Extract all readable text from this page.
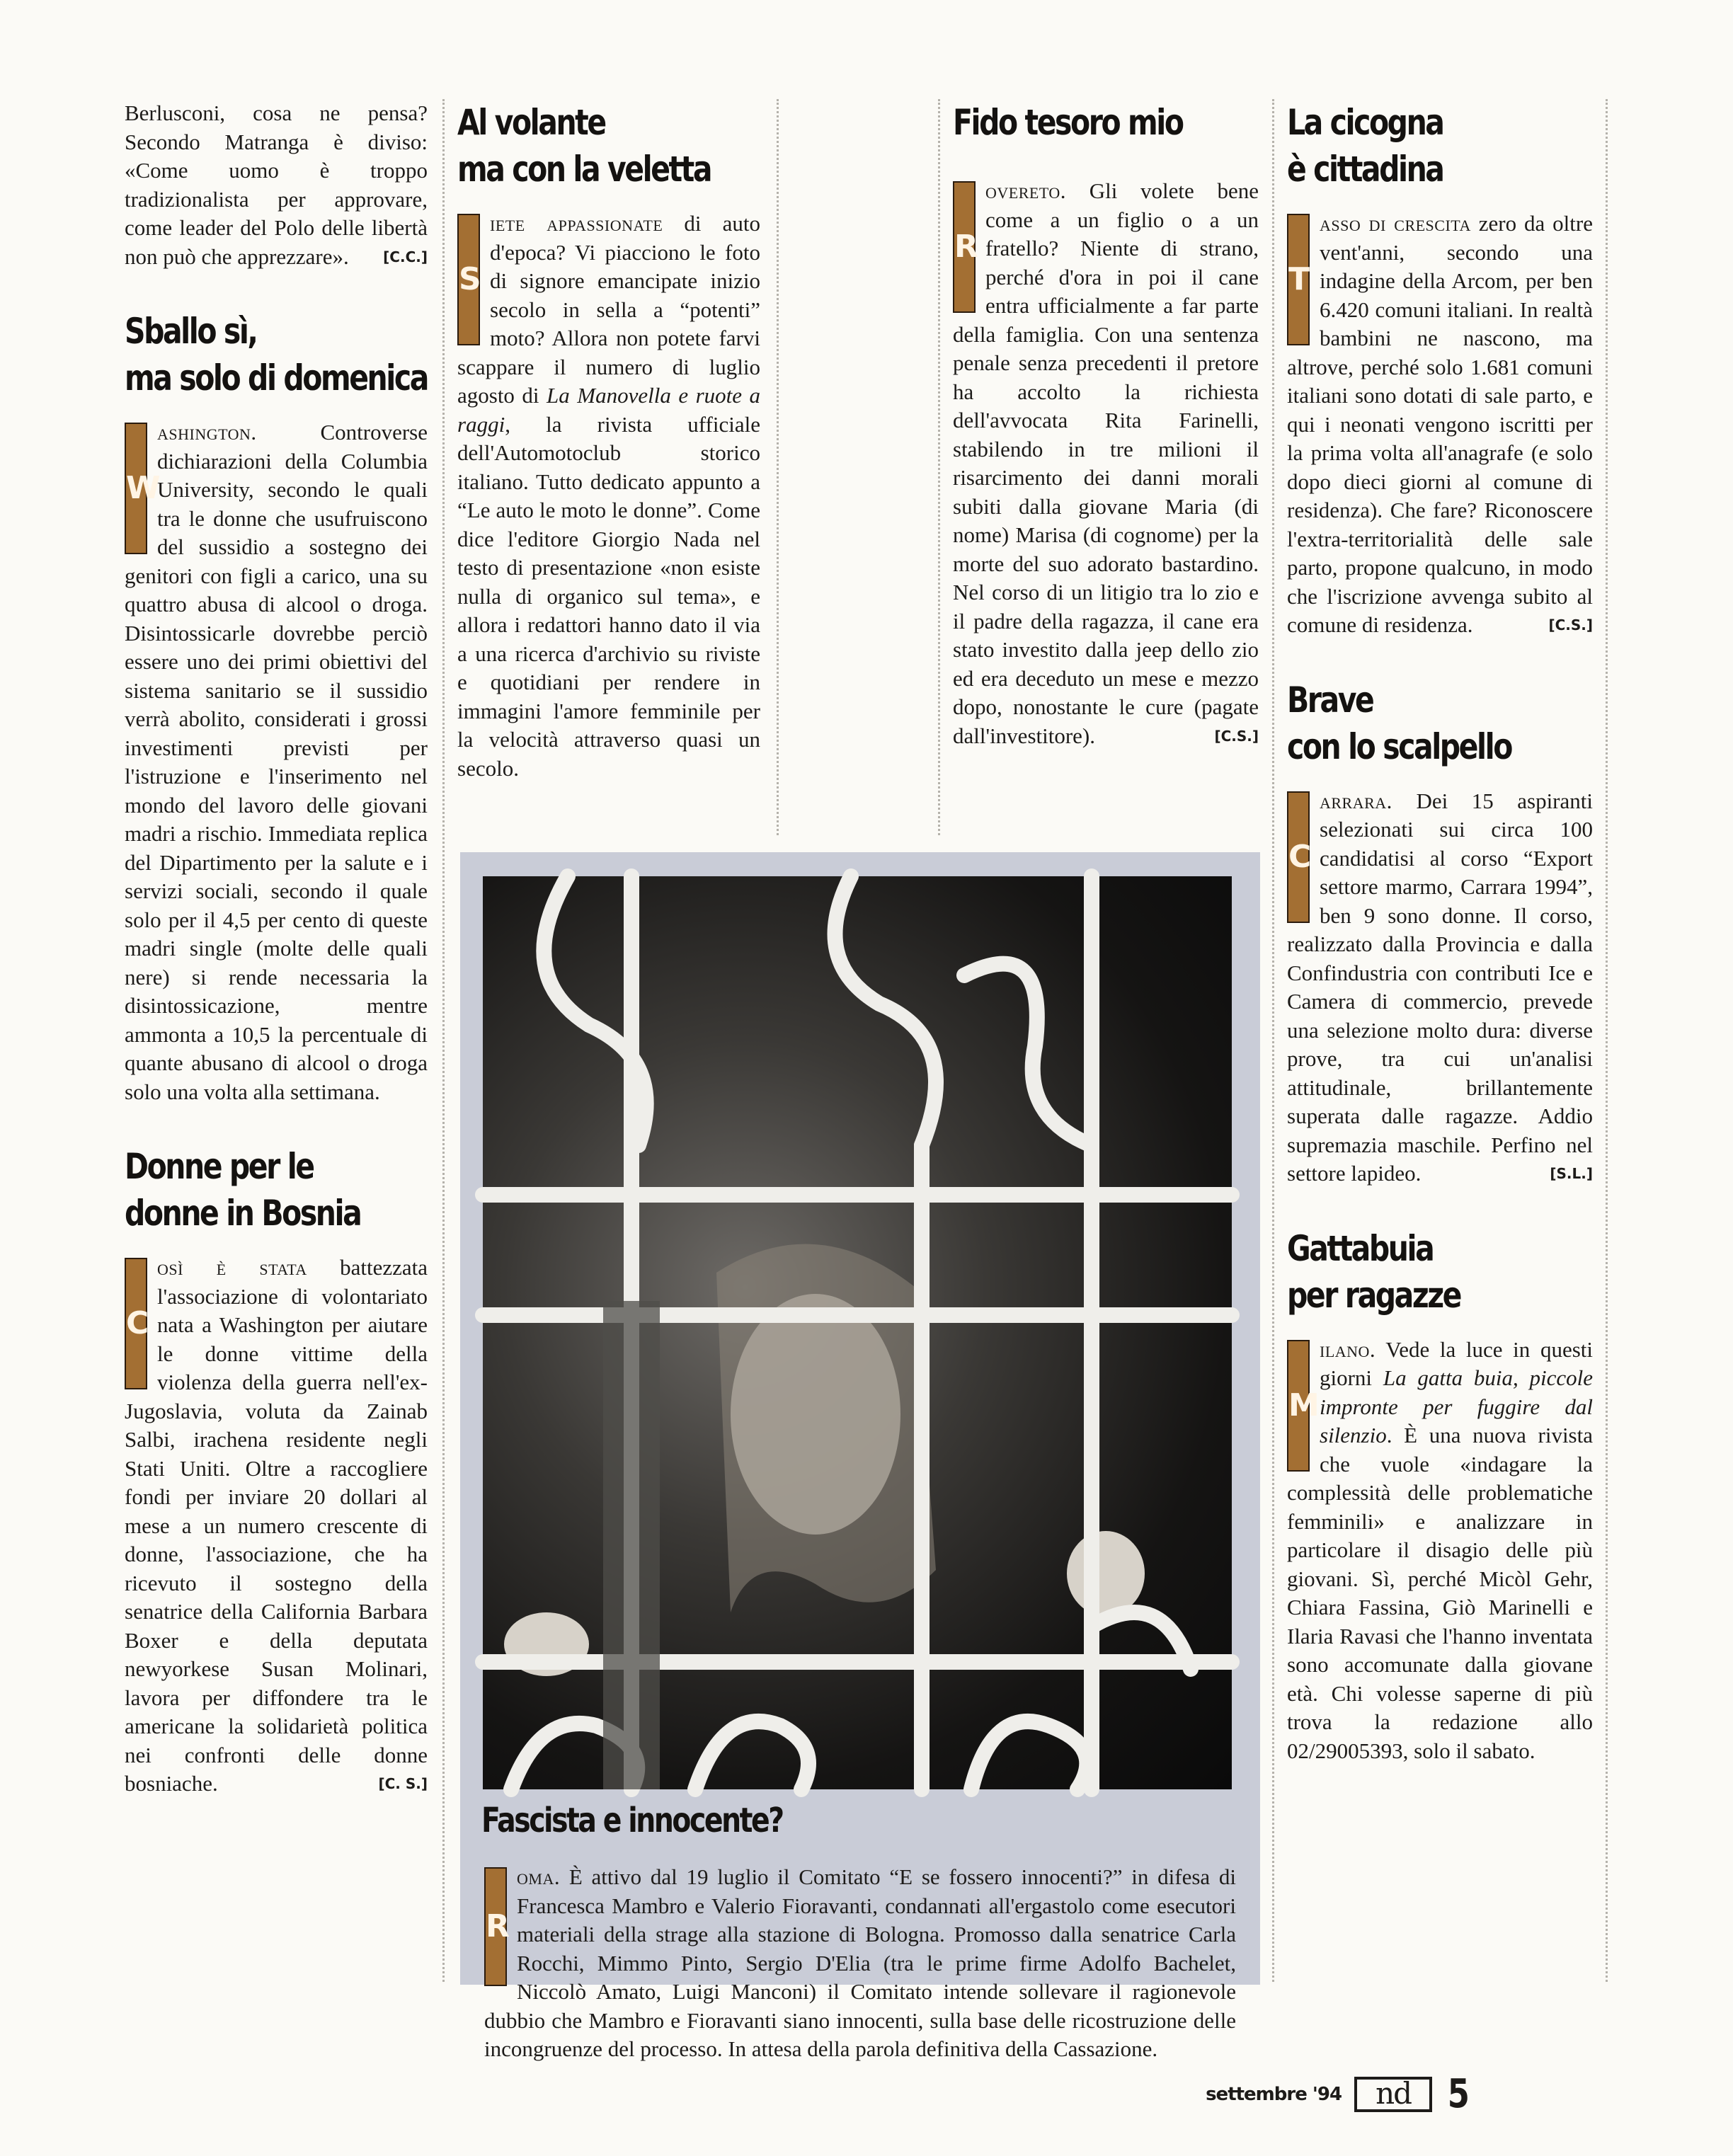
Berlusconi, cosa ne pensa? Secondo Matranga è diviso: «Come uomo è troppo tradizionalista per approvare, come leader del Polo delle libertà non può che apprezzare». [C.C.]

Sballo sì,
ma solo di domenica

W
ashington.	Controverse dichiarazioni della Columbia University, secondo le quali tra le donne che usufruiscono del sussidio a sostegno dei genitori con figli a carico, una su quattro abusa di alcool o droga. Disintossicarle dovrebbe perciò essere uno dei primi obiettivi del sistema sanitario se il sussidio verrà abolito, considerati i grossi investimenti previsti per l'istruzione e l'inserimento nel mondo del lavoro delle giovani madri a rischio. Immediata replica del Dipartimento per la salute e i servizi sociali, secondo il quale solo per il 4,5 per cento di queste madri single (molte delle quali nere) si rende necessaria la disintossicazione, mentre ammonta a 10,5 la percentuale di quante abusano di alcool o droga solo una volta alla settimana.

Donne per le
donne in Bosnia

C
osì è stata battezzata l'associazione di volontariato nata a Washington per aiutare le donne vittime della violenza della guerra nell'ex-Jugoslavia, voluta da Zainab Salbi, irachena residente negli Stati Uniti. Oltre a raccogliere fondi per inviare 20 dollari al mese a un numero crescente di donne, l'associazione, che ha ricevuto il sostegno della senatrice della California Barbara Boxer e della deputata newyorkese Susan Molinari, lavora per diffondere tra le americane la solidarietà politica nei confronti delle donne bosniache.	[C. S.]

Al volante
ma con la veletta

S
iete appassionate di auto d'epoca? Vi piacciono le foto di signore emancipate inizio secolo in sella a “potenti” moto? Allora non potete farvi scappare il numero di luglio agosto di La Manovella e ruote a raggi, la rivista ufficiale dell'Automotoclub storico italiano. Tutto dedicato appunto a “Le auto le moto le donne”. Come dice l'editore Giorgio Nada nel testo di presentazione «non esiste nulla di organico sul tema», e allora i redattori hanno dato il via a una ricerca d'archivio su riviste e quotidiani per rendere in immagini l'amore femminile per la velocità attraverso quasi un secolo.

Fido tesoro mio

R
overeto. Gli volete bene come a un figlio o a un fratello? Niente di strano, perché d'ora in poi il cane entra ufficialmente a far parte della famiglia. Con una sentenza penale senza precedenti il pretore ha accolto la richiesta dell'avvocata Rita Farinelli, stabilendo in tre milioni il risarcimento dei danni morali subiti dalla giovane Maria (di nome) Marisa (di cognome) per la morte del suo adorato bastardino. Nel corso di un litigio tra lo zio e il padre della ragazza, il cane era stato investito dalla jeep dello zio ed era deceduto un mese e mezzo dopo, nonostante le cure (pagate dall'investitore).	[C.S.]

La cicogna
è cittadina

T
asso di crescita zero da oltre vent'anni, secondo una indagine della Arcom, per ben 6.420 comuni italiani. In realtà bambini ne nascono, ma altrove, perché solo 1.681 comuni italiani sono dotati di sale parto, e qui i neonati vengono iscritti per la prima volta all'anagrafe (e solo dopo dieci giorni al comune di residenza). Che fare? Riconoscere l'extra-territorialità delle sale parto, propone qualcuno, in modo che l'iscrizione avvenga subito al comune di residenza.	[C.S.]

Brave
con lo scalpello

C
arrara. Dei 15 aspiranti selezionati sui circa 100 candidatisi al corso “Export settore marmo, Carrara 1994”, ben 9 sono donne. Il corso, realizzato dalla Provincia e dalla Confindustria con contributi Ice e Camera di commercio, prevede una selezione molto dura: diverse prove, tra cui un'analisi attitudinale, brillantemente superata dalle ragazze. Addio supremazia maschile. Perfino nel settore lapideo.	[S.L.]

Gattabuia
per ragazze

M
ilano. Vede la luce in questi giorni La gatta buia, piccole impronte per fuggire dal silenzio. È una nuova rivista che vuole «indagare la complessità delle problematiche femminili» e analizzare in particolare il disagio delle più giovani. Sì, perché Micòl Gehr, Chiara Fassina, Giò Marinelli e Ilaria Ravasi che l'hanno inventata sono accomunate dalla giovane età. Chi volesse saperne di più trova la redazione allo 02/29005393, solo il sabato.

Fascista e innocente?

R
oma. È attivo dal 19 luglio il Comitato “E se fossero innocenti?” in difesa di Francesca Mambro e Valerio Fioravanti, condannati all'ergastolo come esecutori materiali della strage alla stazione di Bologna. Promosso dalla senatrice Carla Rocchi, Mimmo Pinto, Sergio D'Elia (tra le prime firme Adolfo Bachelet, Niccolò Amato, Luigi Manconi) il Comitato intende sollevare il ragionevole dubbio che Mambro e Fioravanti siano innocenti, sulla base delle ricostruzione delle incongruenze del processo. In attesa della parola definitiva della Cassazione.

settembre '94	nd 5
